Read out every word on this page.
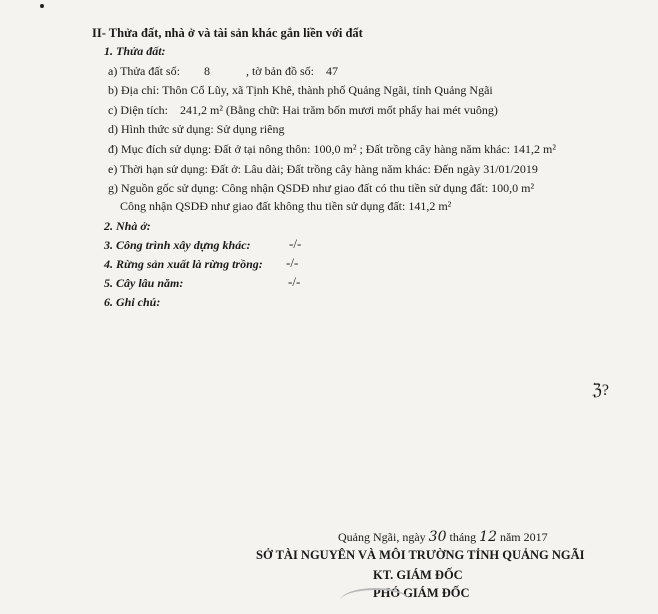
II- Thửa đất, nhà ở và tài sản khác gắn liền với đất
1. Thửa đất:
a) Thửa đất số: 8	, tờ bản đồ số: 47
b) Địa chỉ: Thôn Cổ Lũy, xã Tịnh Khê, thành phố Quảng Ngãi, tỉnh Quảng Ngãi
c) Diện tích: 241,2 m² (Bằng chữ: Hai trăm bốn mươi mốt phẩy hai mét vuông)
d) Hình thức sử dụng: Sử dụng riêng
đ) Mục đích sử dụng: Đất ở tại nông thôn: 100,0 m² ; Đất trồng cây hàng năm khác: 141,2 m²
e) Thời hạn sử dụng: Đất ở: Lâu dài; Đất trồng cây hàng năm khác: Đến ngày 31/01/2019
g) Nguồn gốc sử dụng: Công nhận QSDĐ như giao đất có thu tiền sử dụng đất: 100,0 m²
Công nhận QSDĐ như giao đất không thu tiền sử dụng đất: 141,2 m²
2. Nhà ở:
3. Công trình xây dựng khác:	-/-
4. Rừng sản xuất là rừng trồng: -/-
5. Cây lâu năm:	-/-
6. Ghi chú:
ℨ?
Quảng Ngãi, ngày 30 tháng 12 năm 2017
SỞ TÀI NGUYÊN VÀ MÔI TRƯỜNG TỈNH QUẢNG NGÃI
KT. GIÁM ĐỐC
PHÓ GIÁM ĐỐC
